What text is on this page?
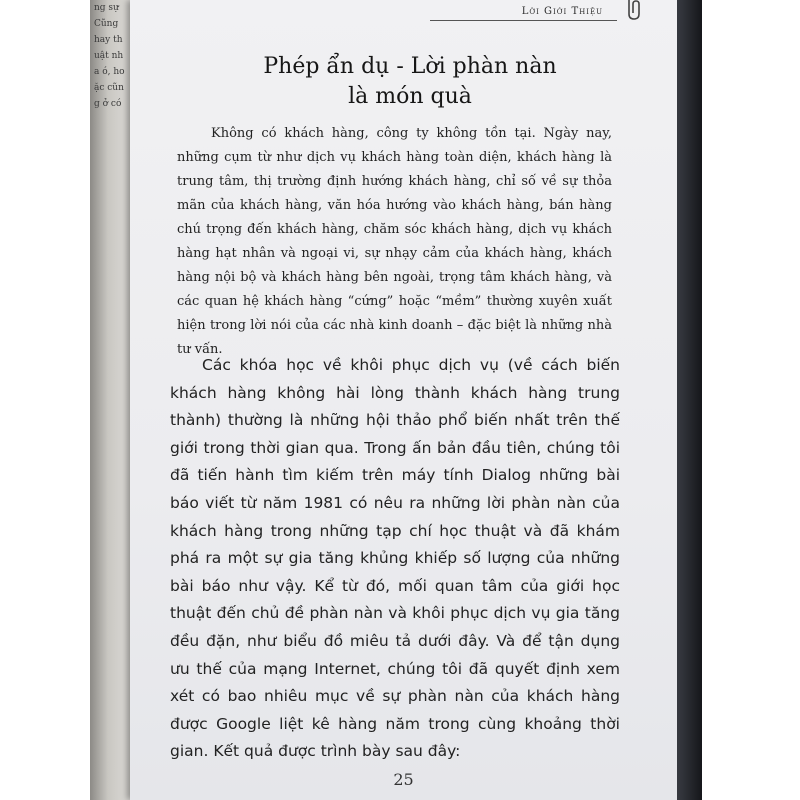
ng sự Cũng hay thuật nha ó, hoặc cũng ở có
Lời Giới Thiệu
Phép ẩn dụ - Lời phàn nàn
là món quà

Không có khách hàng, công ty không tồn tại. Ngày nay, những cụm từ như dịch vụ khách hàng toàn diện, khách hàng là trung tâm, thị trường định hướng khách hàng, chỉ số về sự thỏa mãn của khách hàng, văn hóa hướng vào khách hàng, bán hàng chú trọng đến khách hàng, chăm sóc khách hàng, dịch vụ khách hàng hạt nhân và ngoại vi, sự nhạy cảm của khách hàng, khách hàng nội bộ và khách hàng bên ngoài, trọng tâm khách hàng, và các quan hệ khách hàng “cứng” hoặc “mềm” thường xuyên xuất hiện trong lời nói của các nhà kinh doanh – đặc biệt là những nhà tư vấn.

Các khóa học về khôi phục dịch vụ (về cách biến khách hàng không hài lòng thành khách hàng trung thành) thường là những hội thảo phổ biến nhất trên thế giới trong thời gian qua. Trong ấn bản đầu tiên, chúng tôi đã tiến hành tìm kiếm trên máy tính Dialog những bài báo viết từ năm 1981 có nêu ra những lời phàn nàn của khách hàng trong những tạp chí học thuật và đã khám phá ra một sự gia tăng khủng khiếp số lượng của những bài báo như vậy. Kể từ đó, mối quan tâm của giới học thuật đến chủ đề phàn nàn và khôi phục dịch vụ gia tăng đều đặn, như biểu đồ miêu tả dưới đây. Và để tận dụng ưu thế của mạng Internet, chúng tôi đã quyết định xem xét có bao nhiêu mục về sự phàn nàn của khách hàng được Google liệt kê hàng năm trong cùng khoảng thời gian. Kết quả được trình bày sau đây:

25
